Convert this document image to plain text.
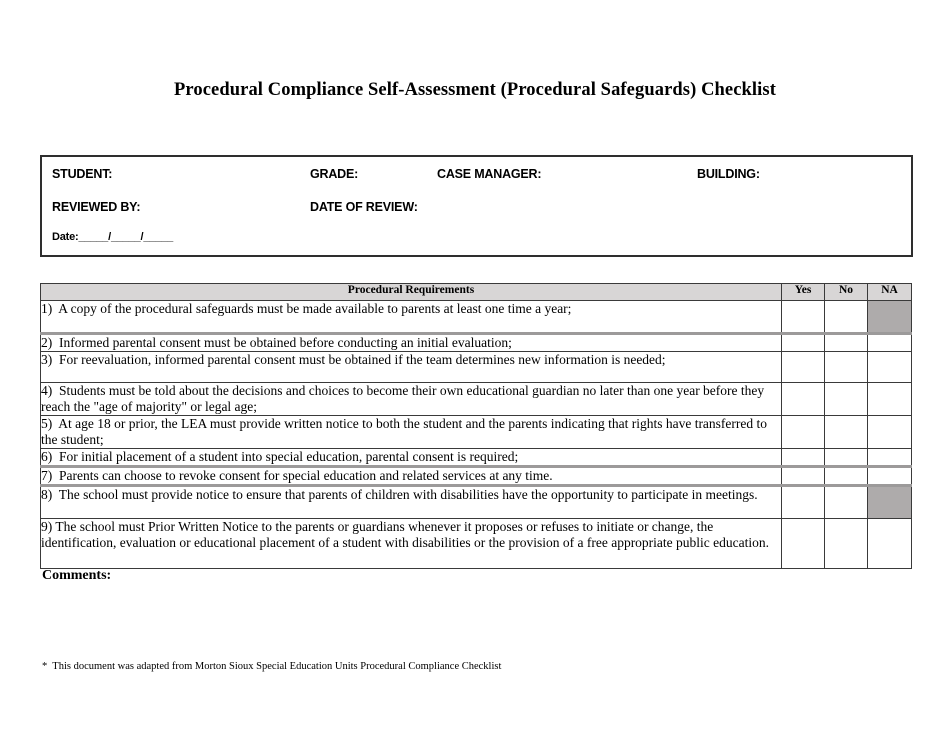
Procedural Compliance Self-Assessment (Procedural Safeguards) Checklist
STUDENT:	GRADE:	CASE MANAGER:	BUILDING:
REVIEWED BY:	DATE OF REVIEW:
Date:_____/_____/_____
Procedural Requirements	Yes	No	NA
1)  A copy of the procedural safeguards must be made available to parents at least one time a year;			
2)  Informed parental consent must be obtained before conducting an initial evaluation;			
3)  For reevaluation, informed parental consent must be obtained if the team determines new information is needed;			
4)  Students must be told about the decisions and choices to become their own educational guardian no later than one year before they reach the "age of majority" or legal age;			
5)  At age 18 or prior, the LEA must provide written notice to both the student and the parents indicating that rights have transferred to the student;			
6)  For initial placement of a student into special education, parental consent is required;			
7)  Parents can choose to revoke consent for special education and related services at any time.			
8)  The school must provide notice to ensure that parents of children with disabilities have the opportunity to participate in meetings.			
9) The school must Prior Written Notice to the parents or guardians whenever it proposes or refuses to initiate or change, the identification, evaluation or educational placement of a student with disabilities or the provision of a free appropriate public education.			
Comments:
*  This document was adapted from Morton Sioux Special Education Units Procedural Compliance Checklist
